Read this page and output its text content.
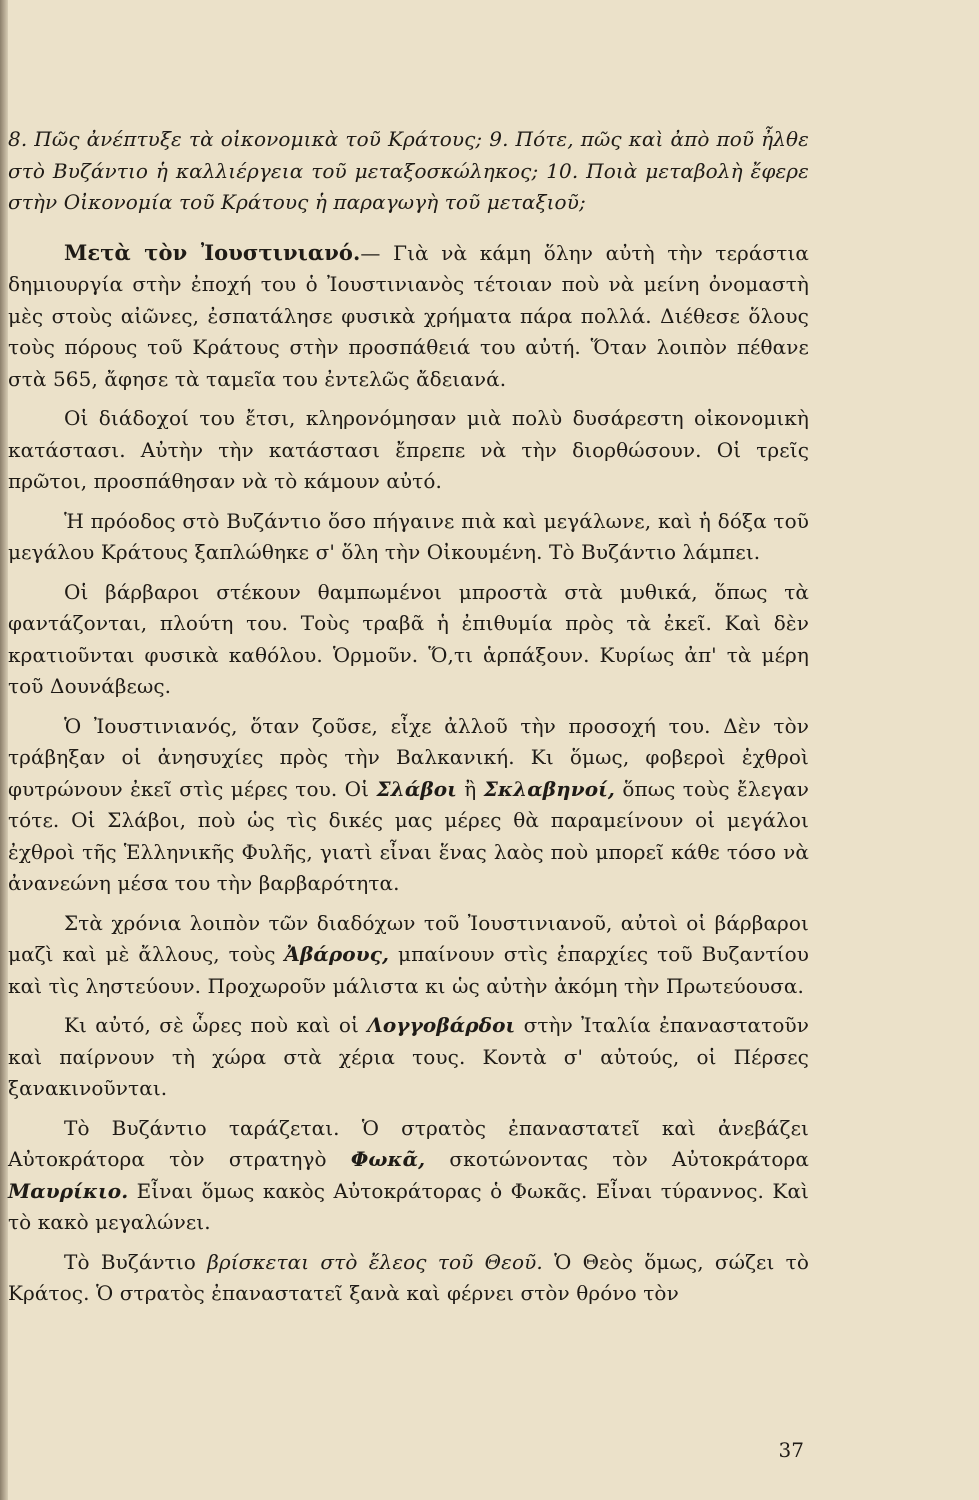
8. Πῶς ἀνέπτυξε τὰ οἰκονομικὰ τοῦ Κράτους; 9. Πότε, πῶς καὶ ἀπὸ ποῦ ἦλθε στὸ Βυζάντιο ἡ καλλιέργεια τοῦ μεταξοσκώληκος; 10. Ποιὰ μεταβολὴ ἔφερε στὴν Οἰκονομία τοῦ Κράτους ἡ παραγωγὴ τοῦ μεταξιοῦ;

Μετὰ τὸν Ἰουστινιανό.— Γιὰ νὰ κάμη ὅλην αὐτὴ τὴν τεράστια δημιουργία στὴν ἐποχή του ὁ Ἰουστινιανὸς τέτοιαν ποὺ νὰ μείνη ὀνομαστὴ μὲς στοὺς αἰῶνες, ἐσπατάλησε φυσικὰ χρήματα πάρα πολλά. Διέθεσε ὅλους τοὺς πόρους τοῦ Κράτους στὴν προσπάθειά του αὐτή. Ὅταν λοιπὸν πέθανε στὰ 565, ἄφησε τὰ ταμεῖα του ἐντελῶς ἄδειανά.

Οἱ διάδοχοί του ἔτσι, κληρονόμησαν μιὰ πολὺ δυσάρεστη οἰκονομικὴ κατάστασι. Αὐτὴν τὴν κατάστασι ἔπρεπε νὰ τὴν διορθώσουν. Οἱ τρεῖς πρῶτοι, προσπάθησαν νὰ τὸ κάμουν αὐτό.

Ἡ πρόοδος στὸ Βυζάντιο ὅσο πήγαινε πιὰ καὶ μεγάλωνε, καὶ ἡ δόξα τοῦ μεγάλου Κράτους ξαπλώθηκε σ' ὅλη τὴν Οἰκουμένη. Τὸ Βυζάντιο λάμπει.

Οἱ βάρβαροι στέκουν θαμπωμένοι μπροστὰ στὰ μυθικά, ὅπως τὰ φαντάζονται, πλούτη του. Τοὺς τραβᾶ ἡ ἐπιθυμία πρὸς τὰ ἐκεῖ. Καὶ δὲν κρατιοῦνται φυσικὰ καθόλου. Ὁρμοῦν. Ὅ,τι ἁρπάξουν. Κυρίως ἀπ' τὰ μέρη τοῦ Δουνάβεως.

Ὁ Ἰουστινιανός, ὅταν ζοῦσε, εἶχε ἀλλοῦ τὴν προσοχή του. Δὲν τὸν τράβηξαν οἱ ἀνησυχίες πρὸς τὴν Βαλκανική. Κι ὅμως, φοβεροὶ ἐχθροὶ φυτρώνουν ἐκεῖ στὶς μέρες του. Οἱ Σλάβοι ἢ Σκλαβηνοί, ὅπως τοὺς ἔλεγαν τότε. Οἱ Σλάβοι, ποὺ ὡς τὶς δικές μας μέρες θὰ παραμείνουν οἱ μεγάλοι ἐχθροὶ τῆς Ἑλληνικῆς Φυλῆς, γιατὶ εἶναι ἕνας λαὸς ποὺ μπορεῖ κάθε τόσο νὰ ἀνανεώνη μέσα του τὴν βαρβαρότητα.

Στὰ χρόνια λοιπὸν τῶν διαδόχων τοῦ Ἰουστινιανοῦ, αὐτοὶ οἱ βάρβαροι μαζὶ καὶ μὲ ἄλλους, τοὺς Ἀβάρους, μπαίνουν στὶς ἐπαρχίες τοῦ Βυζαντίου καὶ τὶς ληστεύουν. Προχωροῦν μάλιστα κι ὡς αὐτὴν ἀκόμη τὴν Πρωτεύουσα.

Κι αὐτό, σὲ ὧρες ποὺ καὶ οἱ Λογγοβάρδοι στὴν Ἰταλία ἐπαναστατοῦν καὶ παίρνουν τὴ χώρα στὰ χέρια τους. Κοντὰ σ' αὐτούς, οἱ Πέρσες ξανακινοῦνται.

Τὸ Βυζάντιο ταράζεται. Ὁ στρατὸς ἐπαναστατεῖ καὶ ἀνεβάζει Αὐτοκράτορα τὸν στρατηγὸ Φωκᾶ, σκοτώνοντας τὸν Αὐτοκράτορα Μαυρίκιο. Εἶναι ὅμως κακὸς Αὐτοκράτορας ὁ Φωκᾶς. Εἶναι τύραννος. Καὶ τὸ κακὸ μεγαλώνει.

Τὸ Βυζάντιο βρίσκεται στὸ ἔλεος τοῦ Θεοῦ. Ὁ Θεὸς ὅμως, σώζει τὸ Κράτος. Ὁ στρατὸς ἐπαναστατεῖ ξανὰ καὶ φέρνει στὸν θρόνο τὸν

37
